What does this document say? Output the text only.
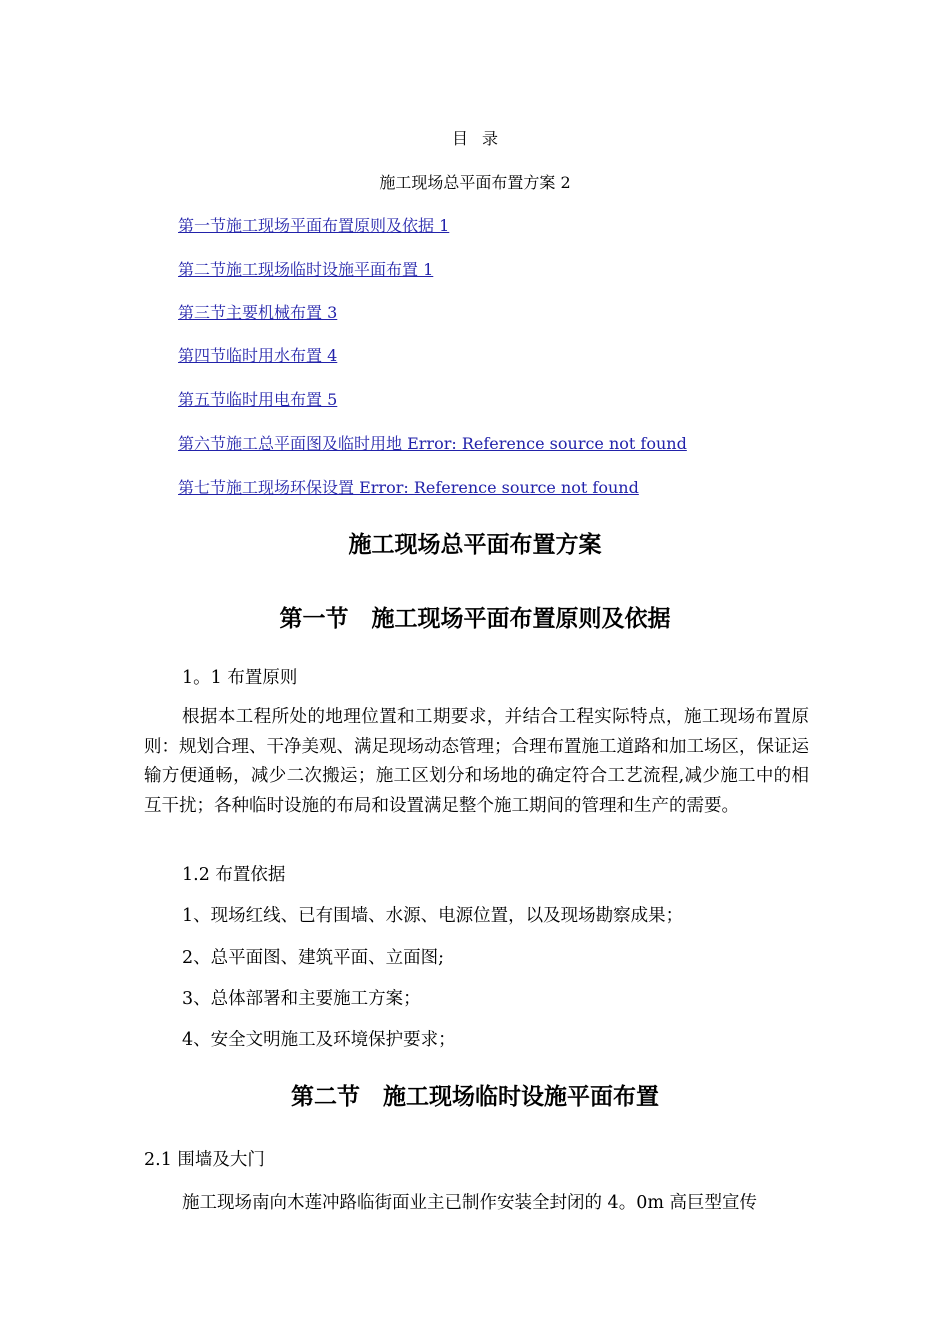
目录
施工现场总平面布置方案 2
第一节施工现场平面布置原则及依据 1
第二节施工现场临时设施平面布置 1
第三节主要机械布置 3
第四节临时用水布置 4
第五节临时用电布置 5
第六节施工总平面图及临时用地 Error: Reference source not found
第七节施工现场环保设置 Error: Reference source not found
施工现场总平面布置方案
第一节　施工现场平面布置原则及依据
1。1 布置原则
根据本工程所处的地理位置和工期要求，并结合工程实际特点，施工现场布置原则：规划合理、干净美观、满足现场动态管理；合理布置施工道路和加工场区，保证运输方便通畅，减少二次搬运；施工区划分和场地的确定符合工艺流程,减少施工中的相互干扰；各种临时设施的布局和设置满足整个施工期间的管理和生产的需要。
1.2 布置依据
1、现场红线、已有围墙、水源、电源位置，以及现场勘察成果；
2、总平面图、建筑平面、立面图;
3、总体部署和主要施工方案；
4、安全文明施工及环境保护要求；
第二节　施工现场临时设施平面布置
2.1 围墙及大门
施工现场南向木莲冲路临街面业主已制作安装全封闭的 4。0m 高巨型宣传
